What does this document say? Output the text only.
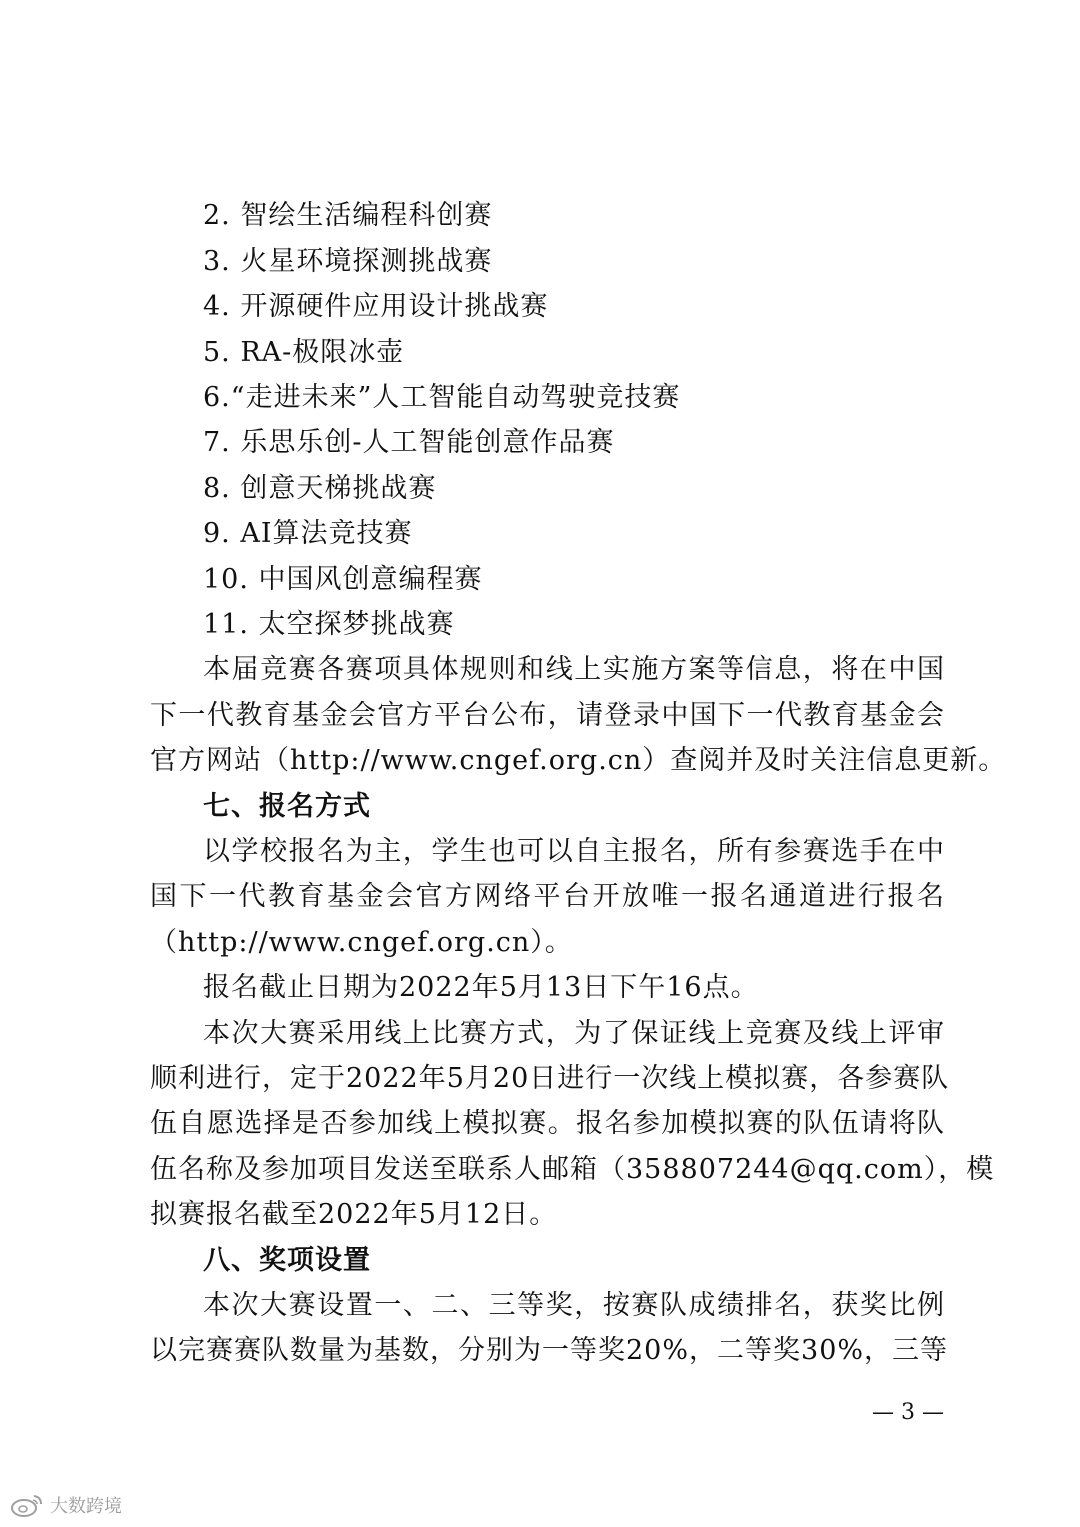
2. 智绘生活编程科创赛
3. 火星环境探测挑战赛
4. 开源硬件应用设计挑战赛
5. RA-极限冰壶
6.“走进未来”人工智能自动驾驶竞技赛
7. 乐思乐创-人工智能创意作品赛
8. 创意天梯挑战赛
9. AI算法竞技赛
10. 中国风创意编程赛
11. 太空探梦挑战赛
本届竞赛各赛项具体规则和线上实施方案等信息，将在中国
下一代教育基金会官方平台公布，请登录中国下一代教育基金会
官方网站（http://www.cngef.org.cn）查阅并及时关注信息更新。
七、报名方式
以学校报名为主，学生也可以自主报名，所有参赛选手在中
国下一代教育基金会官方网络平台开放唯一报名通道进行报名
（http://www.cngef.org.cn）。
报名截止日期为2022年5月13日下午16点。
本次大赛采用线上比赛方式，为了保证线上竞赛及线上评审
顺利进行，定于2022年5月20日进行一次线上模拟赛，各参赛队
伍自愿选择是否参加线上模拟赛。报名参加模拟赛的队伍请将队
伍名称及参加项目发送至联系人邮箱（358807244@qq.com），模
拟赛报名截至2022年5月12日。
八、奖项设置
本次大赛设置一、二、三等奖，按赛队成绩排名，获奖比例
以完赛赛队数量为基数，分别为一等奖20%，二等奖30%，三等
— 3 —
大数跨境
